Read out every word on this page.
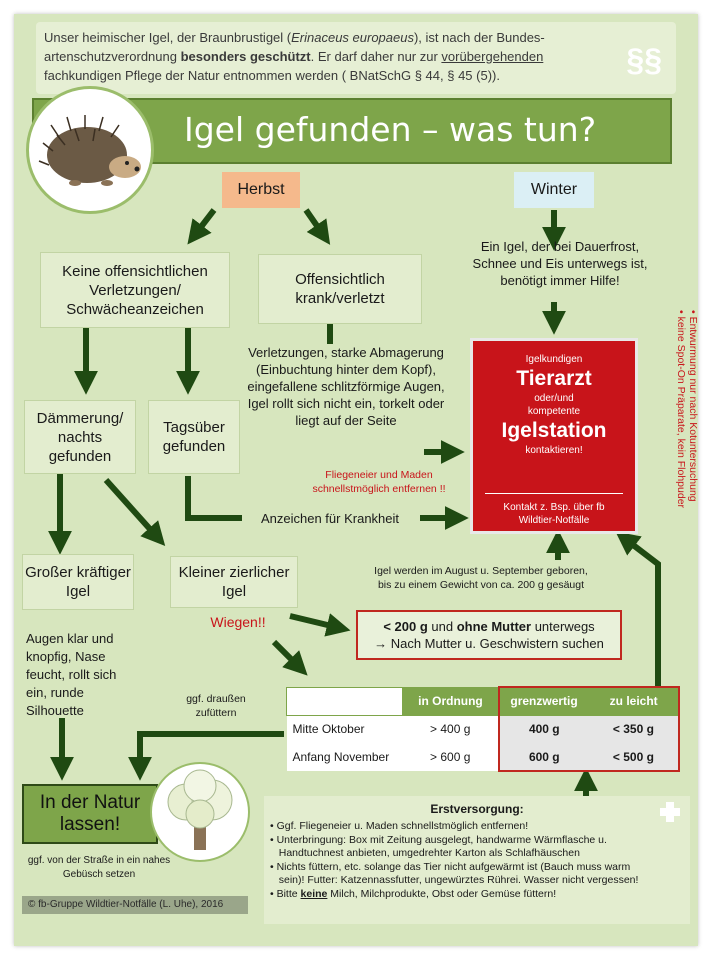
Unser heimischer Igel, der Braunbrustigel (Erinaceus europaeus), ist nach der Bundes-
artenschutzverordnung besonders geschützt. Er darf daher nur zur vorübergehenden
fachkundigen Pflege der Natur entnommen werden ( BNatSchG § 44, § 45 (5)).	§§
Igel gefunden – was tun?
Herbst	Winter
Keine offensichtlichen Verletzungen/ Schwächeanzeichen
Offensichtlich krank/verletzt
Dämmerung/ nachts gefunden
Tagsüber gefunden
Großer kräftiger Igel
Kleiner zierlicher Igel
Ein Igel, der bei Dauerfrost, Schnee und Eis unterwegs ist, benötigt immer Hilfe!
Verletzungen, starke Abmagerung (Einbuchtung hinter dem Kopf), eingefallene schlitzförmige Augen, Igel rollt sich nicht ein, torkelt oder liegt auf der Seite
Fliegeneier und Maden schnellstmöglich entfernen !!
Anzeichen für Krankheit
Igel werden im August u. September geboren, bis zu einem Gewicht von ca. 200 g gesäugt
Wiegen!!
Augen klar und knopfig, Nase feucht, rollt sich ein, runde Silhouette
ggf. draußen zufüttern
ggf. von der Straße in ein nahes Gebüsch setzen
< 200 g und ohne Mutter unterwegs
→ Nach Mutter u. Geschwistern suchen
Igelkundigen
Tierarzt
oder/und kompetente
Igelstation
kontaktieren!
Kontakt z. Bsp. über fb Wildtier-Notfälle
• keine Spot-On Präparate, kein Flohpuder • Entwurmung nur nach Kotuntersuchung
	in Ordnung	grenzwertig	zu leicht
Mitte Oktober	> 400 g	400 g	< 350 g
Anfang November	> 600 g	600 g	< 500 g
Erstversorgung:
• Ggf. Fliegeneier u. Maden schnellstmöglich entfernen!
• Unterbringung: Box mit Zeitung ausgelegt, handwarme Wärmflasche u.
Handtuchnest anbieten, umgedrehter Karton als Schlafhäuschen
• Nichts füttern, etc. solange das Tier nicht aufgewärmt ist (Bauch muss warm
sein)! Futter: Katzennassfutter, ungewürztes Rührei. Wasser nicht vergessen!
• Bitte keine Milch, Milchprodukte, Obst oder Gemüse füttern!
In der Natur lassen!
© fb-Gruppe Wildtier-Notfälle (L. Uhe), 2016
